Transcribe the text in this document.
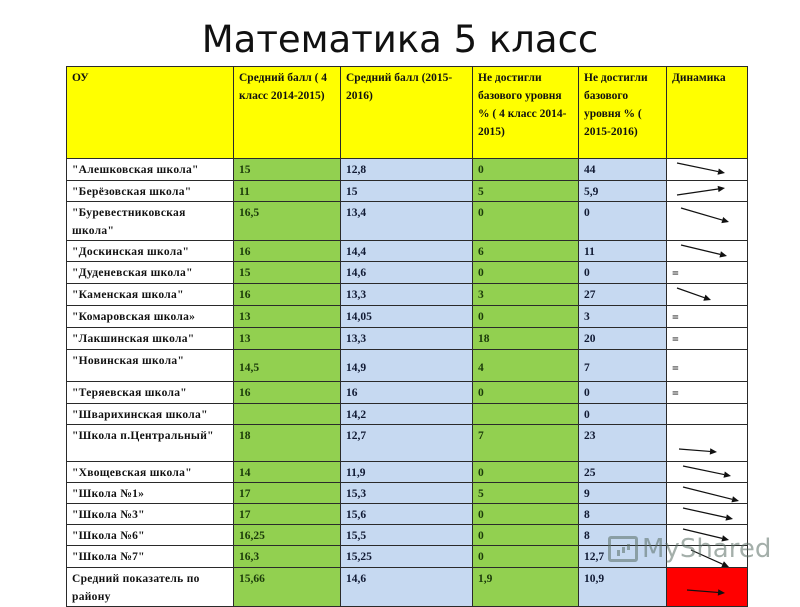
Математика 5 класс
ОУ	Средний балл ( 4 класс 2014-2015)	Средний балл (2015-2016)	Не достигли базового уровня % ( 4 класс 2014-2015)	Не достигли базового уровня % ( 2015-2016)	Динамика
"Алешковская школа"	15	12,8	0	44	

"Берёзовская школа"	11	15	5	5,9	

"Буревестниковская школа"	16,5	13,4	0	0	

"Доскинская школа"	16	14,4	6	11	

"Дуденевская школа"	15	14,6	0	0	=
"Каменская школа"	16	13,3	3	27	

"Комаровская школа»	13	14,05	0	3	=
"Лакшинская школа"	13	13,3	18	20	=
"Новинская школа"	14,5	14,9	4	7	=
"Теряевская школа"	16	16	0	0	=
"Шварихинская школа"		14,2		0	
"Школа п.Центральный"	18	12,7	7	23	

"Хвощевская школа"	14	11,9	0	25	

"Школа №1»	17	15,3	5	9	

"Школа №3"	17	15,6	0	8	

"Школа №6"	16,25	15,5	0	8	

"Школа №7"	16,3	15,25	0	12,7	

Средний показатель по району	15,66	14,6	1,9	10,9	
MyShared
